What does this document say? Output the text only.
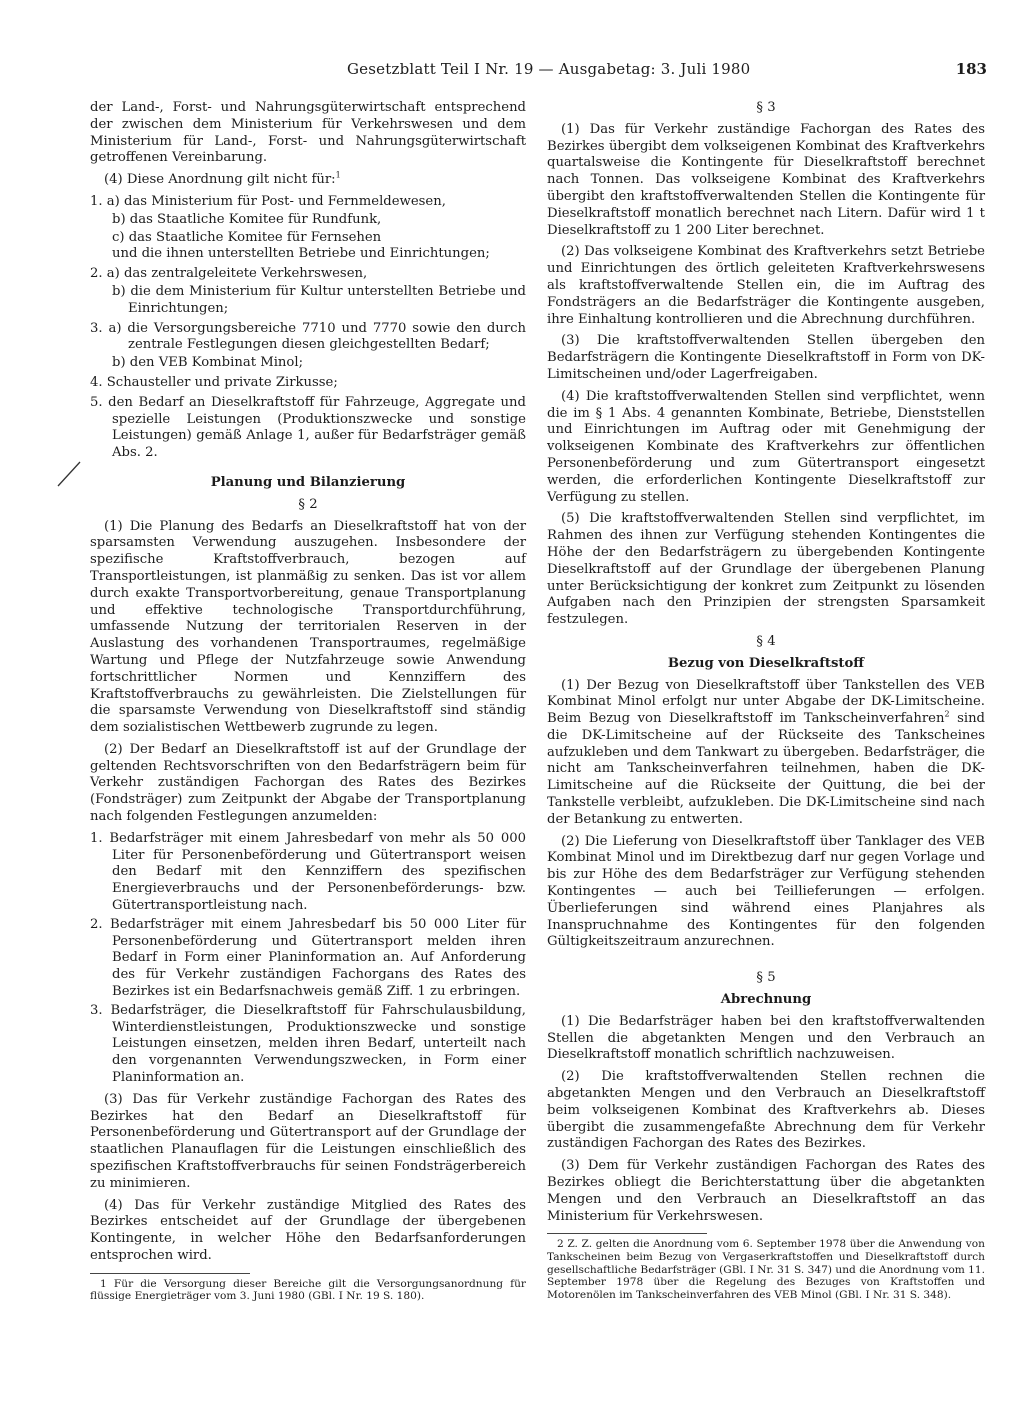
Gesetzblatt Teil I Nr. 19 — Ausgabetag: 3. Juli 1980	183

der Land-, Forst- und Nahrungsgüterwirtschaft entsprechend der zwischen dem Ministerium für Verkehrswesen und dem Ministerium für Land-, Forst- und Nahrungsgüterwirtschaft getroffenen Vereinbarung.

(4) Diese Anordnung gilt nicht für:$^1$

1. a) das Ministerium für Post- und Fernmeldewesen,

b) das Staatliche Komitee für Rundfunk,

c) das Staatliche Komitee für Fernsehen

und die ihnen unterstellten Betriebe und Einrichtungen;

2. a) das zentralgeleitete Verkehrswesen,

b) die dem Ministerium für Kultur unterstellten Betriebe und Einrichtungen;

3. a) die Versorgungsbereiche 7710 und 7770 sowie den durch zentrale Festlegungen diesen gleichgestellten Bedarf;

b) den VEB Kombinat Minol;

4. Schausteller und private Zirkusse;

5. den Bedarf an Dieselkraftstoff für Fahrzeuge, Aggregate und spezielle Leistungen (Produktionszwecke und sonstige Leistungen) gemäß Anlage 1, außer für Bedarfsträger gemäß Abs. 2.

Planung und Bilanzierung

§ 2

(1) Die Planung des Bedarfs an Dieselkraftstoff hat von der sparsamsten Verwendung auszugehen. Insbesondere der spezifische Kraftstoffverbrauch, bezogen auf Transportleistungen, ist planmäßig zu senken. Das ist vor allem durch exakte Transportvorbereitung, genaue Transportplanung und effektive technologische Transportdurchführung, umfassende Nutzung der territorialen Reserven in der Auslastung des vorhandenen Transportraumes, regelmäßige Wartung und Pflege der Nutzfahrzeuge sowie Anwendung fortschrittlicher Normen und Kennziffern des Kraftstoffverbrauchs zu gewährleisten. Die Zielstellungen für die sparsamste Verwendung von Dieselkraftstoff sind ständig dem sozialistischen Wettbewerb zugrunde zu legen.

(2) Der Bedarf an Dieselkraftstoff ist auf der Grundlage der geltenden Rechtsvorschriften von den Bedarfsträgern beim für Verkehr zuständigen Fachorgan des Rates des Bezirkes (Fondsträger) zum Zeitpunkt der Abgabe der Transportplanung nach folgenden Festlegungen anzumelden:

1. Bedarfsträger mit einem Jahresbedarf von mehr als 50 000 Liter für Personenbeförderung und Gütertransport weisen den Bedarf mit den Kennziffern des spezifischen Energieverbrauchs und der Personenbeförderungs- bzw. Gütertransportleistung nach.

2. Bedarfsträger mit einem Jahresbedarf bis 50 000 Liter für Personenbeförderung und Gütertransport melden ihren Bedarf in Form einer Planinformation an. Auf Anforderung des für Verkehr zuständigen Fachorgans des Rates des Bezirkes ist ein Bedarfsnachweis gemäß Ziff. 1 zu erbringen.

3. Bedarfsträger, die Dieselkraftstoff für Fahrschulausbildung, Winterdienstleistungen, Produktionszwecke und sonstige Leistungen einsetzen, melden ihren Bedarf, unterteilt nach den vorgenannten Verwendungszwecken, in Form einer Planinformation an.

(3) Das für Verkehr zuständige Fachorgan des Rates des Bezirkes hat den Bedarf an Dieselkraftstoff für Personenbeförderung und Gütertransport auf der Grundlage der staatlichen Planauflagen für die Leistungen einschließlich des spezifischen Kraftstoffverbrauchs für seinen Fondsträgerbereich zu minimieren.

(4) Das für Verkehr zuständige Mitglied des Rates des Bezirkes entscheidet auf der Grundlage der übergebenen Kontingente, in welcher Höhe den Bedarfsanforderungen entsprochen wird.

1 Für die Versorgung dieser Bereiche gilt die Versorgungsanordnung für flüssige Energieträger vom 3. Juni 1980 (GBl. I Nr. 19 S. 180).

§ 3

(1) Das für Verkehr zuständige Fachorgan des Rates des Bezirkes übergibt dem volkseigenen Kombinat des Kraftverkehrs quartalsweise die Kontingente für Dieselkraftstoff berechnet nach Tonnen. Das volkseigene Kombinat des Kraftverkehrs übergibt den kraftstoffverwaltenden Stellen die Kontingente für Dieselkraftstoff monatlich berechnet nach Litern. Dafür wird 1 t Dieselkraftstoff zu 1 200 Liter berechnet.

(2) Das volkseigene Kombinat des Kraftverkehrs setzt Betriebe und Einrichtungen des örtlich geleiteten Kraftverkehrswesens als kraftstoffverwaltende Stellen ein, die im Auftrag des Fondsträgers an die Bedarfsträger die Kontingente ausgeben, ihre Einhaltung kontrollieren und die Abrechnung durchführen.

(3) Die kraftstoffverwaltenden Stellen übergeben den Bedarfsträgern die Kontingente Dieselkraftstoff in Form von DK-Limitscheinen und/oder Lagerfreigaben.

(4) Die kraftstoffverwaltenden Stellen sind verpflichtet, wenn die im § 1 Abs. 4 genannten Kombinate, Betriebe, Dienststellen und Einrichtungen im Auftrag oder mit Genehmigung der volkseigenen Kombinate des Kraftverkehrs zur öffentlichen Personenbeförderung und zum Gütertransport eingesetzt werden, die erforderlichen Kontingente Dieselkraftstoff zur Verfügung zu stellen.

(5) Die kraftstoffverwaltenden Stellen sind verpflichtet, im Rahmen des ihnen zur Verfügung stehenden Kontingentes die Höhe der den Bedarfsträgern zu übergebenden Kontingente Dieselkraftstoff auf der Grundlage der übergebenen Planung unter Berücksichtigung der konkret zum Zeitpunkt zu lösenden Aufgaben nach den Prinzipien der strengsten Sparsamkeit festzulegen.

§ 4

Bezug von Dieselkraftstoff

(1) Der Bezug von Dieselkraftstoff über Tankstellen des VEB Kombinat Minol erfolgt nur unter Abgabe der DK-Limitscheine. Beim Bezug von Dieselkraftstoff im Tankscheinverfahren$^2$ sind die DK-Limitscheine auf der Rückseite des Tankscheines aufzukleben und dem Tankwart zu übergeben. Bedarfsträger, die nicht am Tankscheinverfahren teilnehmen, haben die DK-Limitscheine auf die Rückseite der Quittung, die bei der Tankstelle verbleibt, aufzukleben. Die DK-Limitscheine sind nach der Betankung zu entwerten.

(2) Die Lieferung von Dieselkraftstoff über Tanklager des VEB Kombinat Minol und im Direktbezug darf nur gegen Vorlage und bis zur Höhe des dem Bedarfsträger zur Verfügung stehenden Kontingentes — auch bei Teillieferungen — erfolgen. Überlieferungen sind während eines Planjahres als Inanspruchnahme des Kontingentes für den folgenden Gültigkeitszeitraum anzurechnen.

§ 5

Abrechnung

(1) Die Bedarfsträger haben bei den kraftstoffverwaltenden Stellen die abgetankten Mengen und den Verbrauch an Dieselkraftstoff monatlich schriftlich nachzuweisen.

(2) Die kraftstoffverwaltenden Stellen rechnen die abgetankten Mengen und den Verbrauch an Dieselkraftstoff beim volkseigenen Kombinat des Kraftverkehrs ab. Dieses übergibt die zusammengefaßte Abrechnung dem für Verkehr zuständigen Fachorgan des Rates des Bezirkes.

(3) Dem für Verkehr zuständigen Fachorgan des Rates des Bezirkes obliegt die Berichterstattung über die abgetankten Mengen und den Verbrauch an Dieselkraftstoff an das Ministerium für Verkehrswesen.

2 Z. Z. gelten die Anordnung vom 6. September 1978 über die Anwendung von Tankscheinen beim Bezug von Vergaserkraftstoffen und Dieselkraftstoff durch gesellschaftliche Bedarfsträger (GBl. I Nr. 31 S. 347) und die Anordnung vom 11. September 1978 über die Regelung des Bezuges von Kraftstoffen und Motorenölen im Tankscheinverfahren des VEB Minol (GBl. I Nr. 31 S. 348).
